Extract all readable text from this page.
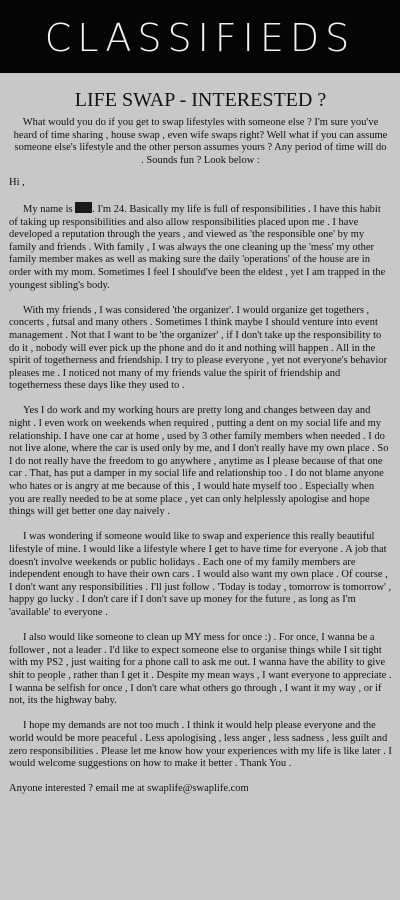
CLASSIFIEDS
LIFE SWAP - INTERESTED ?

What would you do if you get to swap lifestyles with someone else ? I'm sure you've heard of time sharing , house swap , even wife swaps right? Well what if you can assume someone else's lifestyle and the other person assumes yours ? Any period of time will do . Sounds fun ? Look below :

Hi ,

My name is . I'm 24. Basically my life is full of responsibilities . I have this habit of taking up responsibilities and also allow responsibilities placed upon me . I have developed a reputation through the years , and viewed as 'the responsible one' by my family and friends . With family , I was always the one cleaning up the 'mess' my other family member makes as well as making sure the daily 'operations' of the house are in order with my mom. Sometimes I feel I should've been the eldest , yet I am trapped in the youngest sibling's body.

With my friends , I was considered 'the organizer'. I would organize get togethers , concerts , futsal and many others . Sometimes I think maybe I should venture into event management . Not that I want to be 'the organizer' , if I don't take up the responsibility to do it , nobody will ever pick up the phone and do it and nothing will happen . All in the spirit of togetherness and friendship. I try to please everyone , yet not everyone's behavior pleases me . I noticed not many of my friends value the spirit of friendship and togetherness these days like they used to .

Yes I do work and my working hours are pretty long and changes between day and night . I even work on weekends when required , putting a dent on my social life and my relationship. I have one car at home , used by 3 other family members when needed . I do not live alone, where the car is used only by me, and I don't really have my own place . So I do not really have the freedom to go anywhere , anytime as I please because of that one car . That, has put a damper in my social life and relationship too . I do not blame anyone who hates or is angry at me because of this , I would hate myself too . Especially when you are really needed to be at some place , yet can only helplessly apologise and hope things will get better one day naively .

I was wondering if someone would like to swap and experience this really beautiful lifestyle of mine. I would like a lifestyle where I get to have time for everyone . A job that doesn't involve weekends or public holidays . Each one of my family members are independent enough to have their own cars . I would also want my own place . Of course , I don't want any responsibilities . I'll just follow . 'Today is today , tomorrow is tomorrow' , happy go lucky . I don't care if I don't save up money for the future , as long as I'm 'available' to everyone .

I also would like someone to clean up MY mess for once :) . For once, I wanna be a follower , not a leader . I'd like to expect someone else to organise things while I sit tight with my PS2 , just waiting for a phone call to ask me out. I wanna have the ability to give shit to people , rather than I get it . Despite my mean ways , I want everyone to appreciate . I wanna be selfish for once , I don't care what others go through , I want it my way , or if not, its the highway baby.

I hope my demands are not too much . I think it would help please everyone and the world would be more peaceful . Less apologising , less anger , less sadness , less guilt and zero responsibilities . Please let me know how your experiences with my life is like later . I would welcome suggestions on how to make it better . Thank You .

Anyone interested ? email me at swaplife@swaplife.com
